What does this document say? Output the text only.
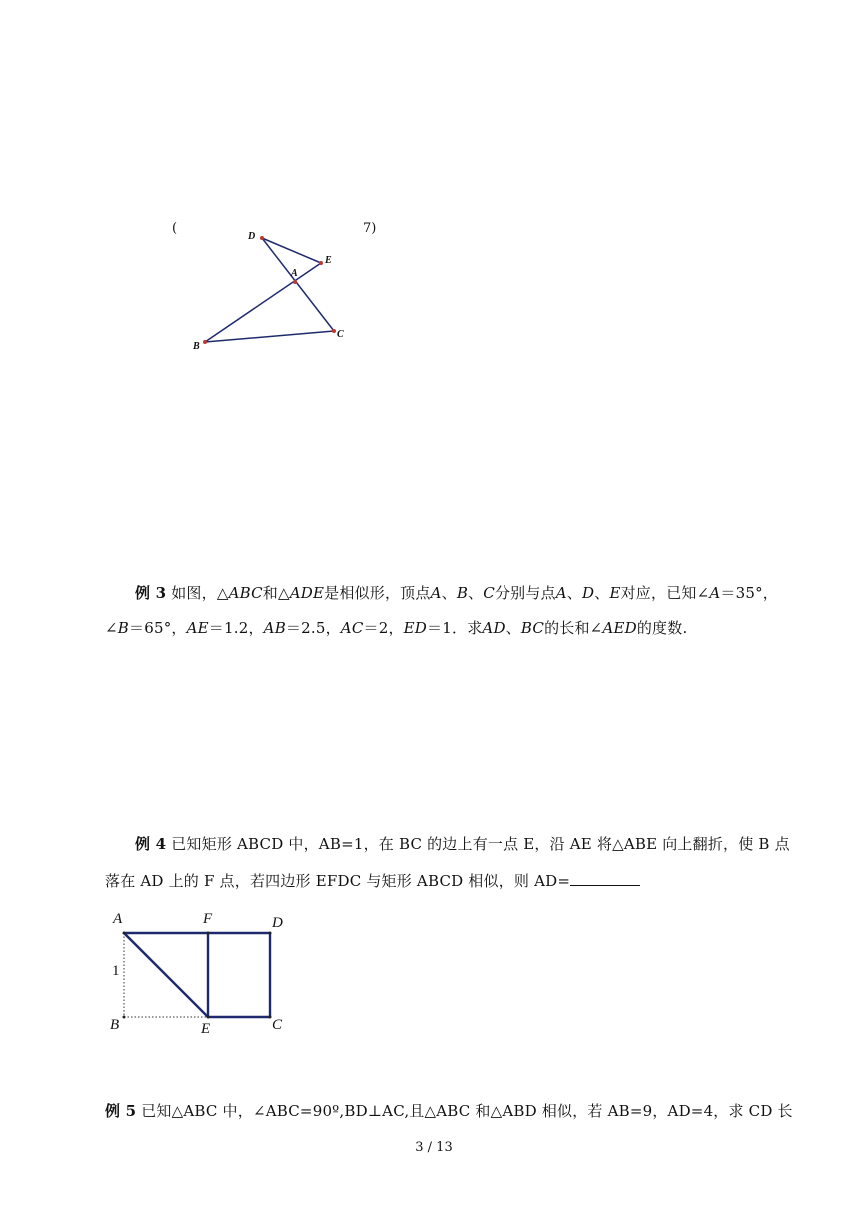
(	7)
D
E
A
B
C
例 3 如图，△ABC和△ADE是相似形，顶点A、B、C分别与点A、D、E对应，已知∠A＝35°，
∠B＝65°，AE＝1.2，AB＝2.5，AC＝2，ED＝1．求AD、BC的长和∠AED的度数.
例 4 已知矩形 ABCD 中，AB=1，在 BC 的边上有一点 E，沿 AE 将△ABE 向上翻折，使 B 点
落在 AD 上的 F 点，若四边形 EFDC 与矩形 ABCD 相似，则 AD=
A	F	D
1
B	E	C
例 5 已知△ABC 中，∠ABC=90º,BD⊥AC,且△ABC 和△ABD 相似，若 AB=9，AD=4，求 CD 长
3 / 13
